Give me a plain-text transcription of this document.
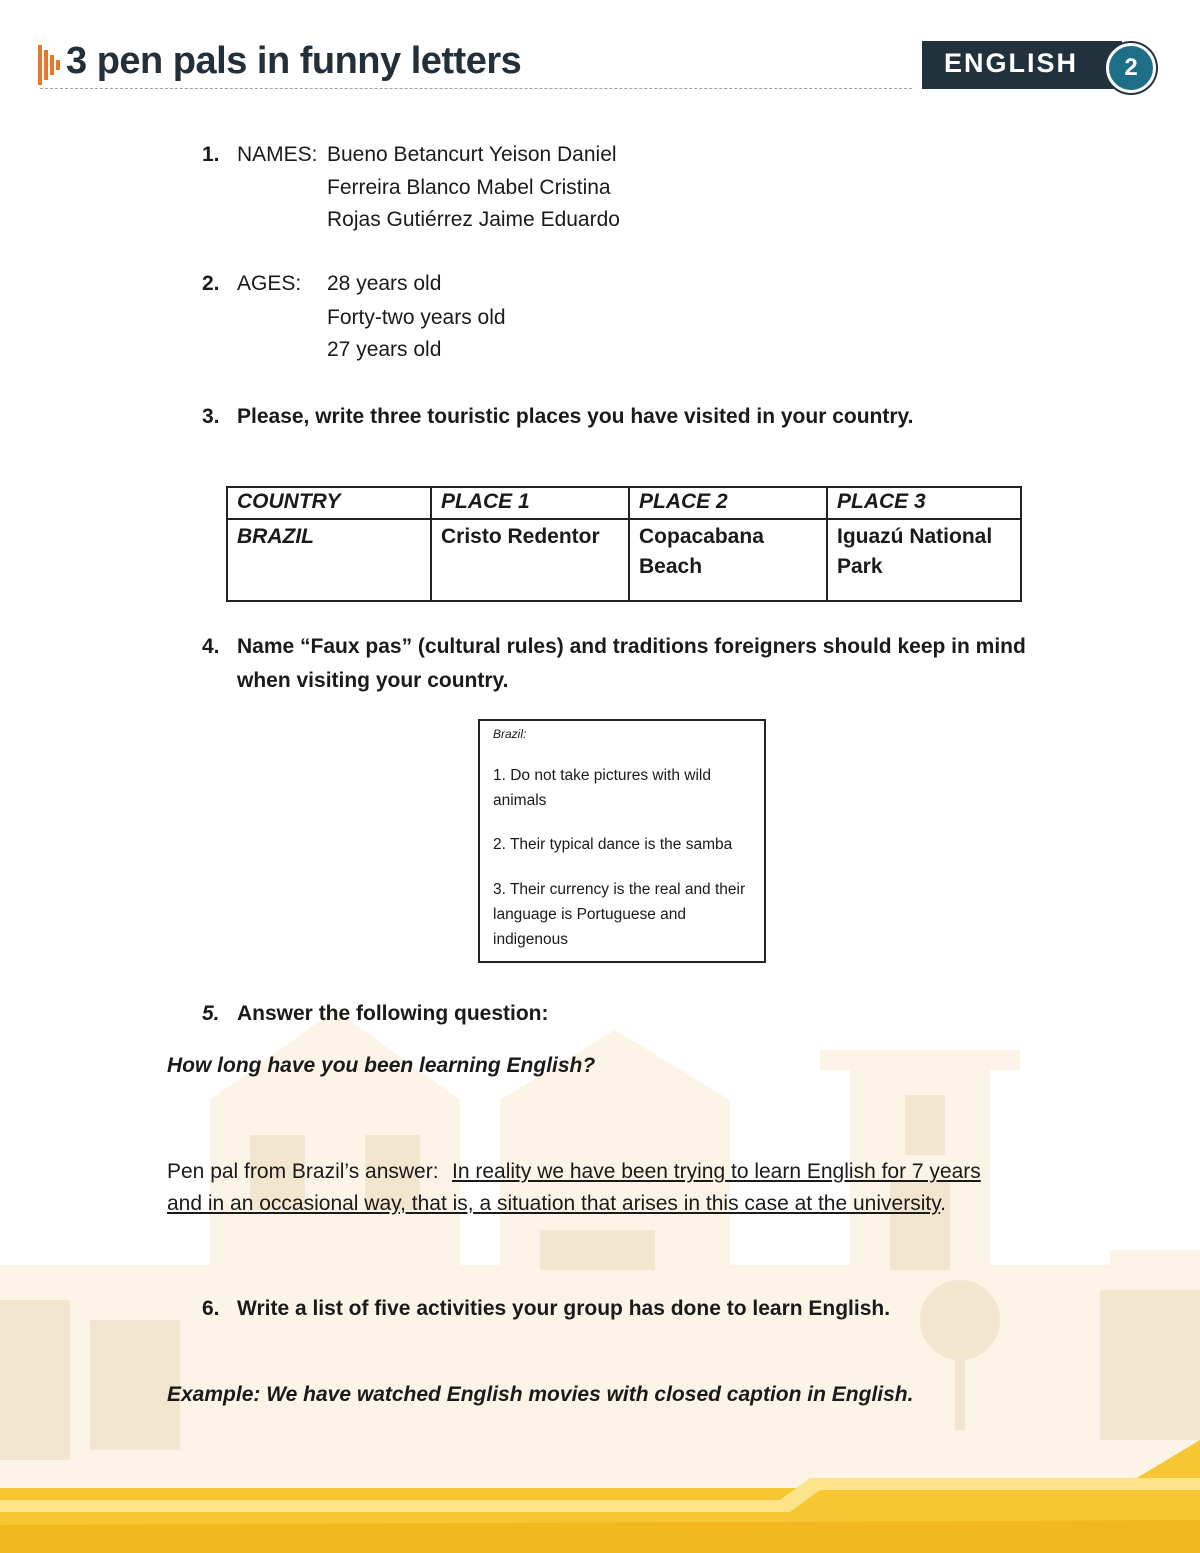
3 pen pals in funny letters	ENGLISH	2
1. NAMES: Bueno Betancurt Yeison Daniel
Ferreira Blanco Mabel Cristina
Rojas Gutiérrez Jaime Eduardo
2. AGES: 28 years old
Forty-two years old
27 years old
3. Please, write three touristic places you have visited in your country.
COUNTRY	PLACE 1	PLACE 2	PLACE 3
BRAZIL	Cristo Redentor	Copacabana Beach	Iguazú National Park
4. Name “Faux pas” (cultural rules) and traditions foreigners should keep in mind
when visiting your country.
Brazil:
1. Do not take pictures with wild animals
2. Their typical dance is the samba
3. Their currency is the real and their language is Portuguese and indigenous
5. Answer the following question:
How long have you been learning English?
Pen pal from Brazil’s answer: In reality we have been trying to learn English for 7 years
and in an occasional way, that is, a situation that arises in this case at the university.
6. Write a list of five activities your group has done to learn English.
Example: We have watched English movies with closed caption in English.
